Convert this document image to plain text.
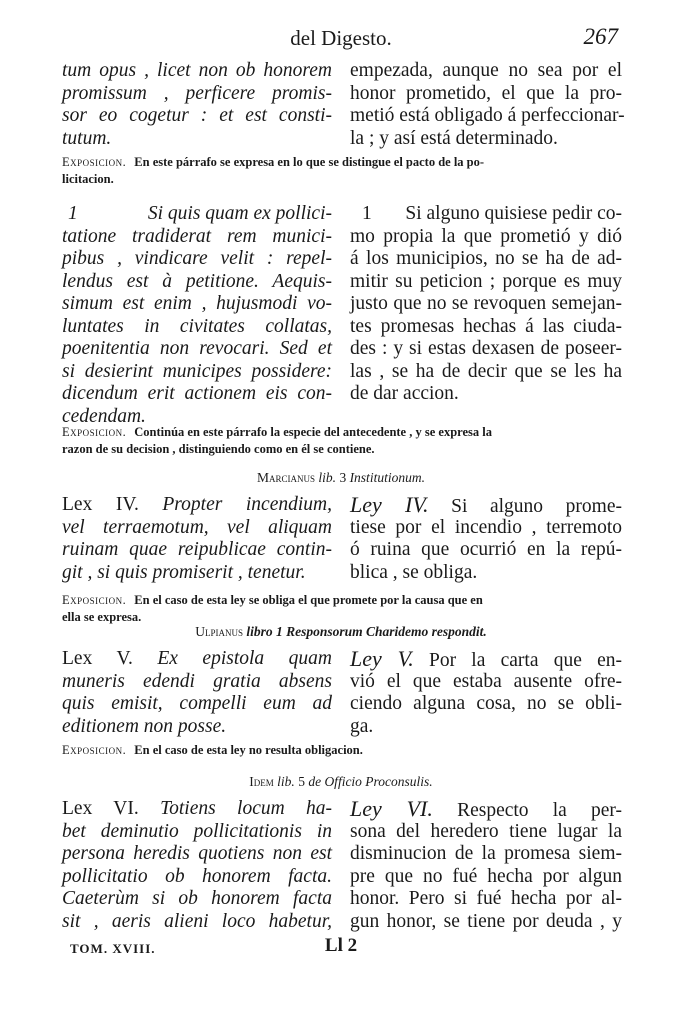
del Digesto.	267
tum opus , licet non ob honorem
promissum , perficere promis-
sor eo cogetur : et est consti-
tutum.
empezada, aunque no sea por el
honor prometido, el que la pro-
metió está obligado á perfeccionar-
la ; y así está determinado.
Exposicion. En este párrafo se expresa en lo que se distingue el pacto de la po-
licitacion.
1	Si quis quam ex pollici-
tatione tradiderat rem munici-
pibus , vindicare velit : repel-
lendus est à petitione. Aequis-
simum est enim , hujusmodi vo-
luntates in civitates collatas,
poenitentia non revocari. Sed et
si desierint municipes possidere:
dicendum erit actionem eis con-
cedendam.
1 Si alguno quisiese pedir co-
mo propia la que prometió y dió
á los municipios, no se ha de ad-
mitir su peticion ; porque es muy
justo que no se revoquen semejan-
tes promesas hechas á las ciuda-
des : y si estas dexasen de poseer-
las , se ha de decir que se les ha
de dar accion.
Exposicion. Continúa en este párrafo la especie del antecedente , y se expresa la
razon de su decision , distinguiendo como en él se contiene.
Marcianus lib. 3 Institutionum.
Lex IV. Propter incendium,
vel terraemotum, vel aliquam
ruinam quae reipublicae contin-
git , si quis promiserit , tenetur.
Ley IV. Si alguno prome-
tiese por el incendio , terremoto
ó ruina que ocurrió en la repú-
blica , se obliga.
Exposicion. En el caso de esta ley se obliga el que promete por la causa que en
ella se expresa.
Ulpianus libro 1 Responsorum Charidemo respondit.
Lex V. Ex epistola quam
muneris edendi gratia absens
quis emisit, compelli eum ad
editionem non posse.
Ley V. Por la carta que en-
vió el que estaba ausente ofre-
ciendo alguna cosa, no se obli-
ga.
Exposicion. En el caso de esta ley no resulta obligacion.
Idem lib. 5 de Officio Proconsulis.
Lex VI. Totiens locum ha-
bet deminutio pollicitationis in
persona heredis quotiens non est
pollicitatio ob honorem facta.
Caeterùm si ob honorem facta
sit , aeris alieni loco habetur,
Ley VI. Respecto la per-
sona del heredero tiene lugar la
disminucion de la promesa siem-
pre que no fué hecha por algun
honor. Pero si fué hecha por al-
gun honor, se tiene por deuda , y
TOM. XVIII.	Ll 2
